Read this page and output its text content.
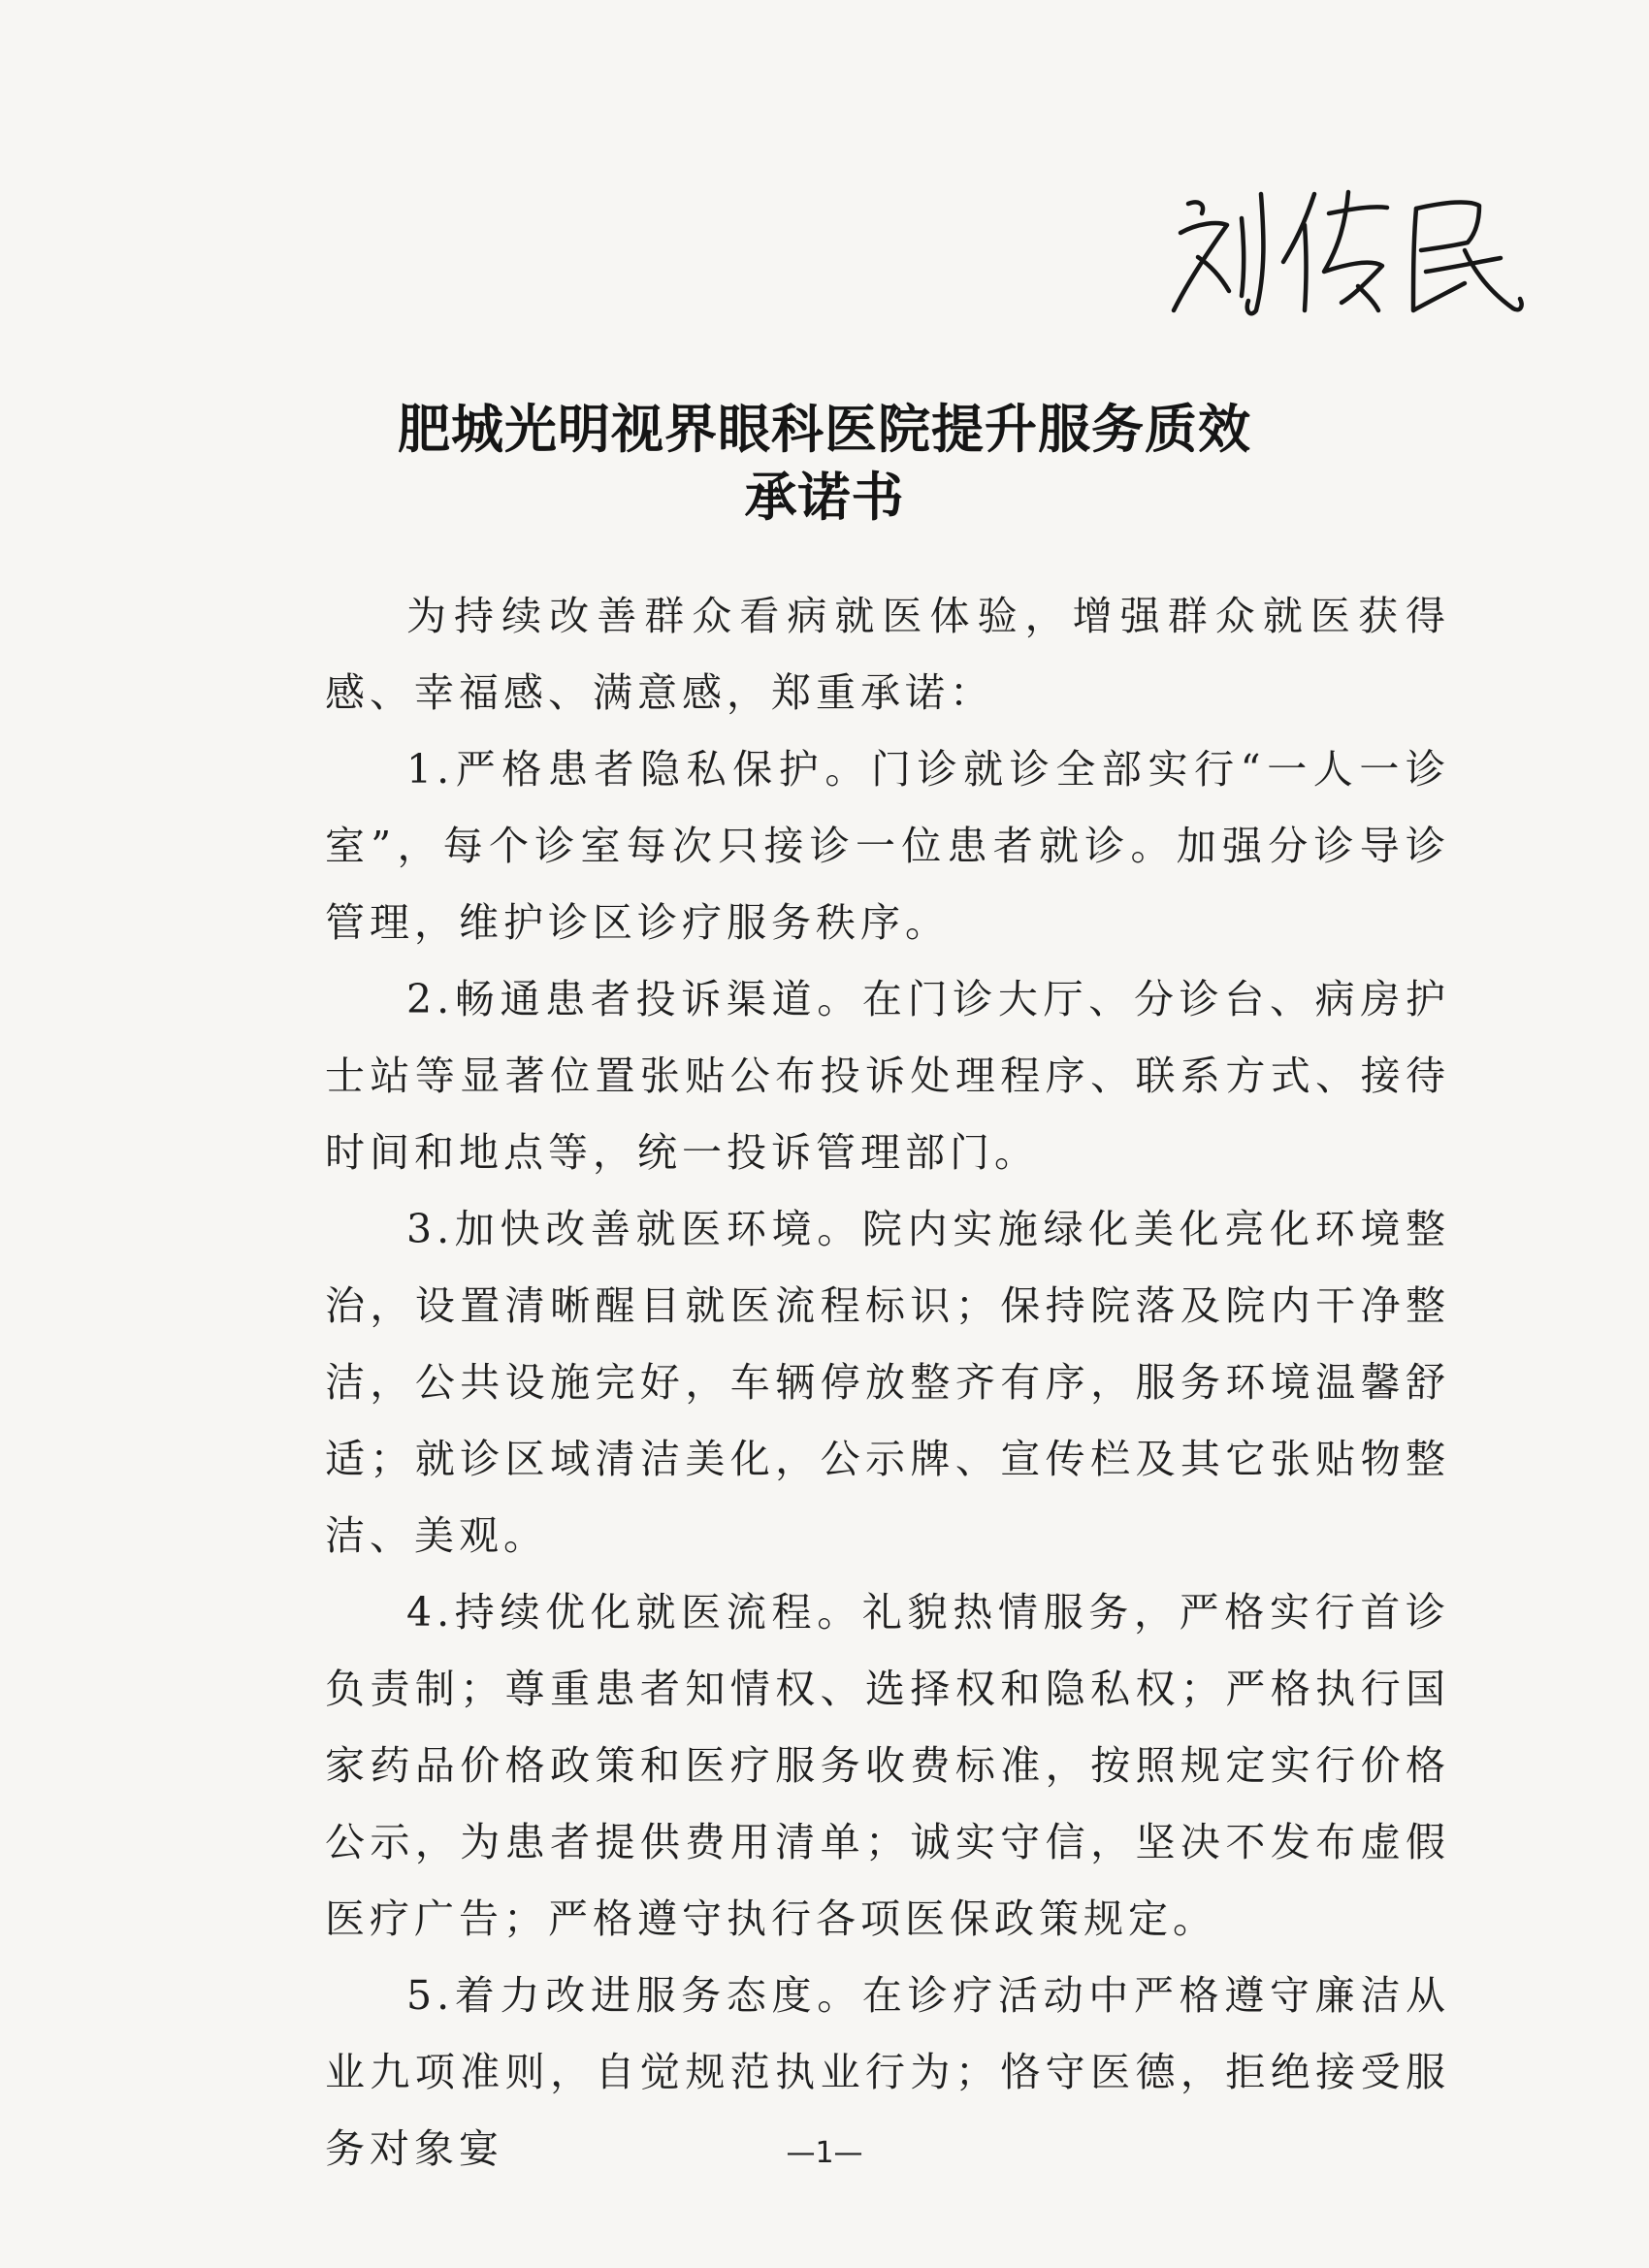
肥城光明视界眼科医院提升服务质效
承诺书

为持续改善群众看病就医体验，增强群众就医获得感、幸福感、满意感，郑重承诺：

1.严格患者隐私保护。门诊就诊全部实行“一人一诊室”，每个诊室每次只接诊一位患者就诊。加强分诊导诊管理，维护诊区诊疗服务秩序。

2.畅通患者投诉渠道。在门诊大厅、分诊台、病房护士站等显著位置张贴公布投诉处理程序、联系方式、接待时间和地点等，统一投诉管理部门。

3.加快改善就医环境。院内实施绿化美化亮化环境整治，设置清晰醒目就医流程标识；保持院落及院内干净整洁，公共设施完好，车辆停放整齐有序，服务环境温馨舒适；就诊区域清洁美化，公示牌、宣传栏及其它张贴物整洁、美观。

4.持续优化就医流程。礼貌热情服务，严格实行首诊负责制；尊重患者知情权、选择权和隐私权；严格执行国家药品价格政策和医疗服务收费标准，按照规定实行价格公示，为患者提供费用清单；诚实守信，坚决不发布虚假医疗广告；严格遵守执行各项医保政策规定。

5.着力改进服务态度。在诊疗活动中严格遵守廉洁从业九项准则，自觉规范执业行为；恪守医德，拒绝接受服务对象宴	—1—
